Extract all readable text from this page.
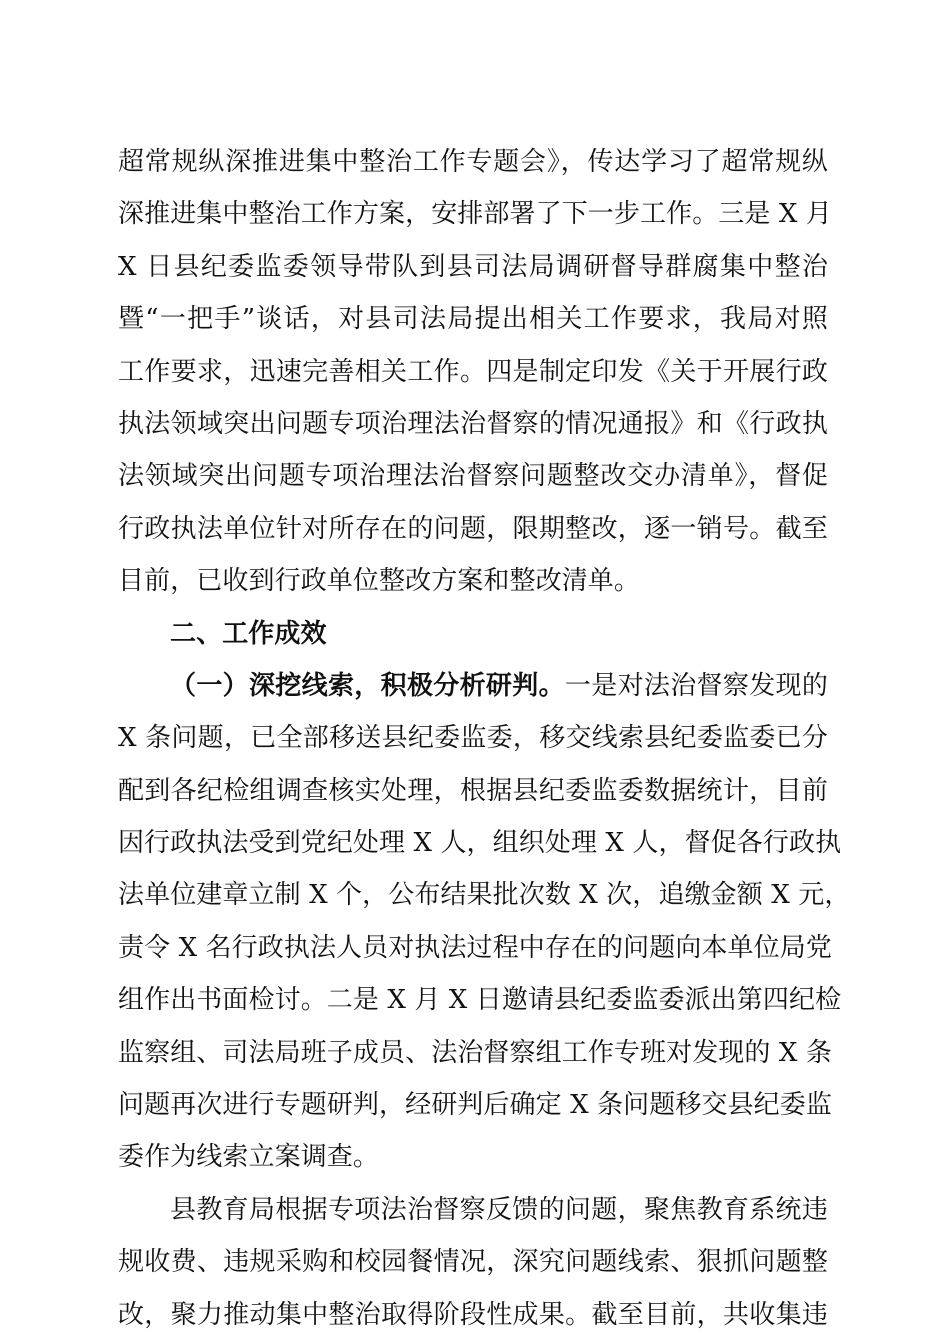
超常规纵深推进集中整治工作专题会》，传达学习了超常规纵
深推进集中整治工作方案，安排部署了下一步工作。三是 X 月
X 日县纪委监委领导带队到县司法局调研督导群腐集中整治
暨“一把手”谈话，对县司法局提出相关工作要求，我局对照
工作要求，迅速完善相关工作。四是制定印发《关于开展行政
执法领域突出问题专项治理法治督察的情况通报》和《行政执
法领域突出问题专项治理法治督察问题整改交办清单》，督促
行政执法单位针对所存在的问题，限期整改，逐一销号。截至
目前，已收到行政单位整改方案和整改清单。
二、工作成效
（一）深挖线索，积极分析研判。一是对法治督察发现的
X 条问题，已全部移送县纪委监委，移交线索县纪委监委已分
配到各纪检组调查核实处理，根据县纪委监委数据统计，目前
因行政执法受到党纪处理 X 人，组织处理 X 人，督促各行政执
法单位建章立制 X 个，公布结果批次数 X 次，追缴金额 X 元，
责令 X 名行政执法人员对执法过程中存在的问题向本单位局党
组作出书面检讨。二是 X 月 X 日邀请县纪委监委派出第四纪检
监察组、司法局班子成员、法治督察组工作专班对发现的 X 条
问题再次进行专题研判，经研判后确定 X 条问题移交县纪委监
委作为线索立案调查。
县教育局根据专项法治督察反馈的问题，聚焦教育系统违
规收费、违规采购和校园餐情况，深究问题线索、狠抓问题整
改，聚力推动集中整治取得阶段性成果。截至目前，共收集违
